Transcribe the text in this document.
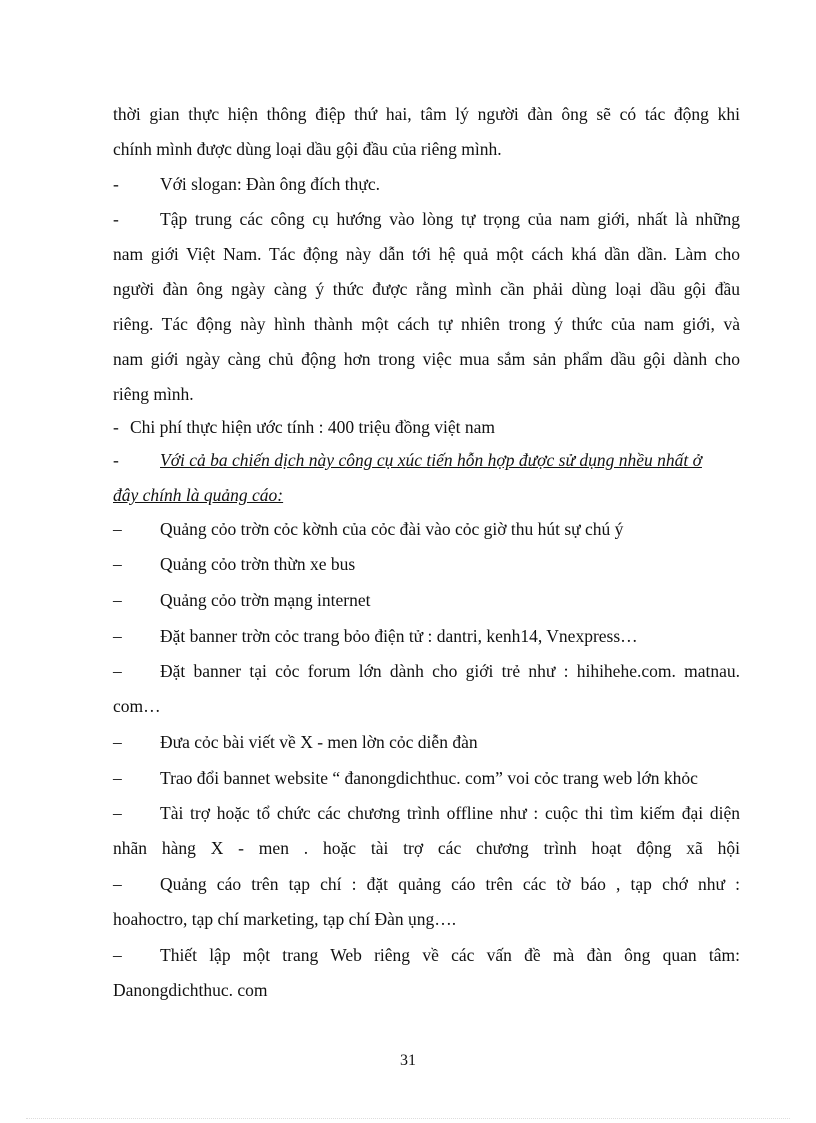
thời gian thực hiện thông điệp thứ hai, tâm lý người đàn ông sẽ có tác động khi
chính mình được dùng loại dầu gội đầu của riêng mình.
- Với slogan: Đàn ông đích thực.
- Tập trung các công cụ hướng vào lòng tự trọng của nam giới, nhất là những
nam giới Việt Nam. Tác động này dẫn tới hệ quả một cách khá dần dần. Làm cho
người đàn ông ngày càng ý thức được rằng mình cần phải dùng loại dầu gội đầu
riêng. Tác động này hình thành một cách tự nhiên trong ý thức của nam giới, và
nam giới ngày càng chủ động hơn trong việc mua sắm sản phẩm dầu gội dành cho
riêng mình.
- Chi phí thực hiện ước tính : 400 triệu đồng việt nam
- Với cả ba chiến dịch này công cụ xúc tiến hỗn hợp được sử dụng nhều nhất ở
đây chính là quảng cáo:
– Quảng cỏo trờn cỏc kờnh của cỏc đài vào cỏc giờ thu hút sự chú ý
– Quảng cỏo trờn thừn xe bus
– Quảng cỏo trờn mạng internet
– Đặt banner trờn cỏc trang bỏo điện tử : dantri, kenh14, Vnexpress…
– Đặt banner tại cỏc forum lớn dành cho giới trẻ như : hihihehe.com. matnau.
com…
– Đưa cỏc bài viết về X - men lờn cỏc diễn đàn
– Trao đổi bannet website “ đanongdichthuc. com” voi cỏc trang web lớn khỏc
– Tài trợ hoặc tổ chức các chương trình offline như : cuộc thi tìm kiếm đại diện
nhãn hàng X - men . hoặc tài trợ các chương trình hoạt động xã hội
– Quảng cáo trên tạp chí : đặt quảng cáo trên các tờ báo , tạp chớ như :
hoahoctro, tạp chí marketing, tạp chí Đàn ụng….
– Thiết lập một trang Web riêng về các vấn đề mà đàn ông quan tâm:
Danongdichthuc. com
31
